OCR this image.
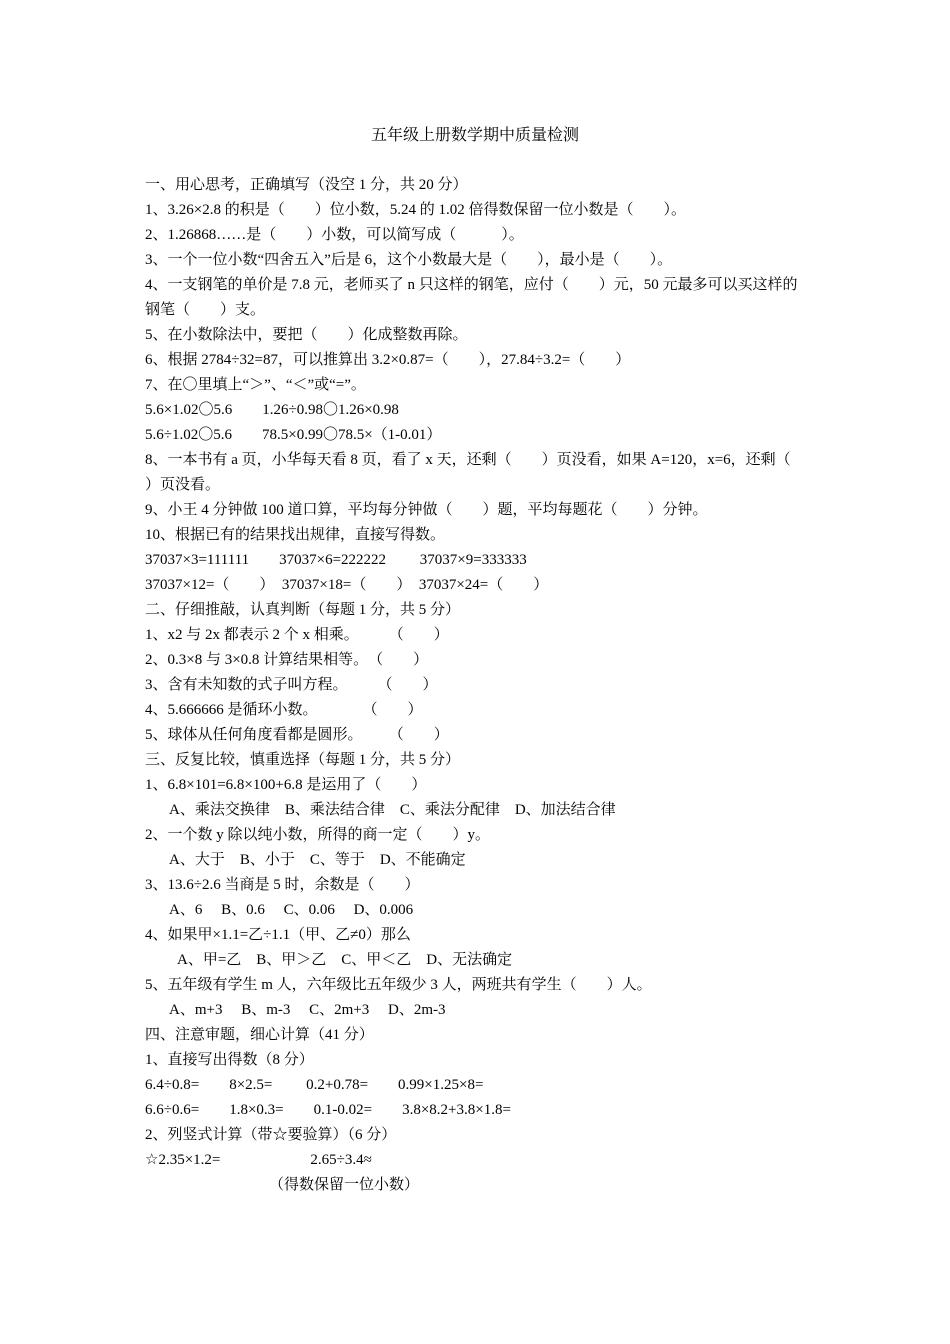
五年级上册数学期中质量检测
一、用心思考，正确填写（没空 1 分，共 20 分）
1、3.26×2.8 的积是（　　）位小数，5.24 的 1.02 倍得数保留一位小数是（　　）。
2、1.26868……是（　　）小数，可以简写成（　　　）。
3、一个一位小数“四舍五入”后是 6，这个小数最大是（　　），最小是（　　）。
4、一支钢笔的单价是 7.8 元，老师买了 n 只这样的钢笔，应付（　　）元，50 元最多可以买这样的钢笔（　　）支。
5、在小数除法中，要把（　　）化成整数再除。
6、根据 2784÷32=87，可以推算出 3.2×0.87=（　　），27.84÷3.2=（　　）
7、在〇里填上“＞”、“＜”或“=”。
5.6×1.02〇5.6　　1.26÷0.98〇1.26×0.98
5.6÷1.02〇5.6　　78.5×0.99〇78.5×（1-0.01）
8、一本书有 a 页，小华每天看 8 页，看了 x 天，还剩（　　）页没看，如果 A=120，x=6，还剩（　　）页没看。
9、小王 4 分钟做 100 道口算，平均每分钟做（　　）题，平均每题花（　　）分钟。
10、根据已有的结果找出规律，直接写得数。
37037×3=111111　　37037×6=222222　　 37037×9=333333
37037×12=（　　）　37037×18=（　　）　37037×24=（　　）
二、仔细推敲，认真判断（每题 1 分，共 5 分）
1、x2 与 2x 都表示 2 个 x 相乘。　　　（　　）
2、0.3×8 与 3×0.8 计算结果相等。　（　　）
3、含有未知数的式子叫方程。　　　（　　）
4、5.666666 是循环小数。　　　　（　　）
5、球体从任何角度看都是圆形。　　 （　　）
三、反复比较，慎重选择（每题 1 分，共 5 分）
1、6.8×101=6.8×100+6.8 是运用了（　　）
A、乘法交换律　B、乘法结合律　C、乘法分配律　D、加法结合律
2、一个数 y 除以纯小数，所得的商一定（　　）y。
A、大于　B、小于　C、等于　D、不能确定
3、13.6÷2.6 当商是 5 时，余数是（　　）
A、6　 B、0.6　 C、0.06　 D、0.006
4、如果甲×1.1=乙÷1.1（甲、乙≠0）那么
A、甲=乙　B、甲＞乙　C、甲＜乙　D、无法确定
5、五年级有学生 m 人，六年级比五年级少 3 人，两班共有学生（　　）人。
A、m+3　 B、m-3　 C、2m+3　 D、2m-3
四、注意审题，细心计算（41 分）
1、直接写出得数（8 分）
6.4÷0.8=　　8×2.5=　　 0.2+0.78=　　0.99×1.25×8=
6.6÷0.6=　　1.8×0.3=　　0.1-0.02=　　3.8×8.2+3.8×1.8=
2、列竖式计算（带☆要验算）（6 分）
☆2.35×1.2=　　　　　　2.65÷3.4≈
（得数保留一位小数）
